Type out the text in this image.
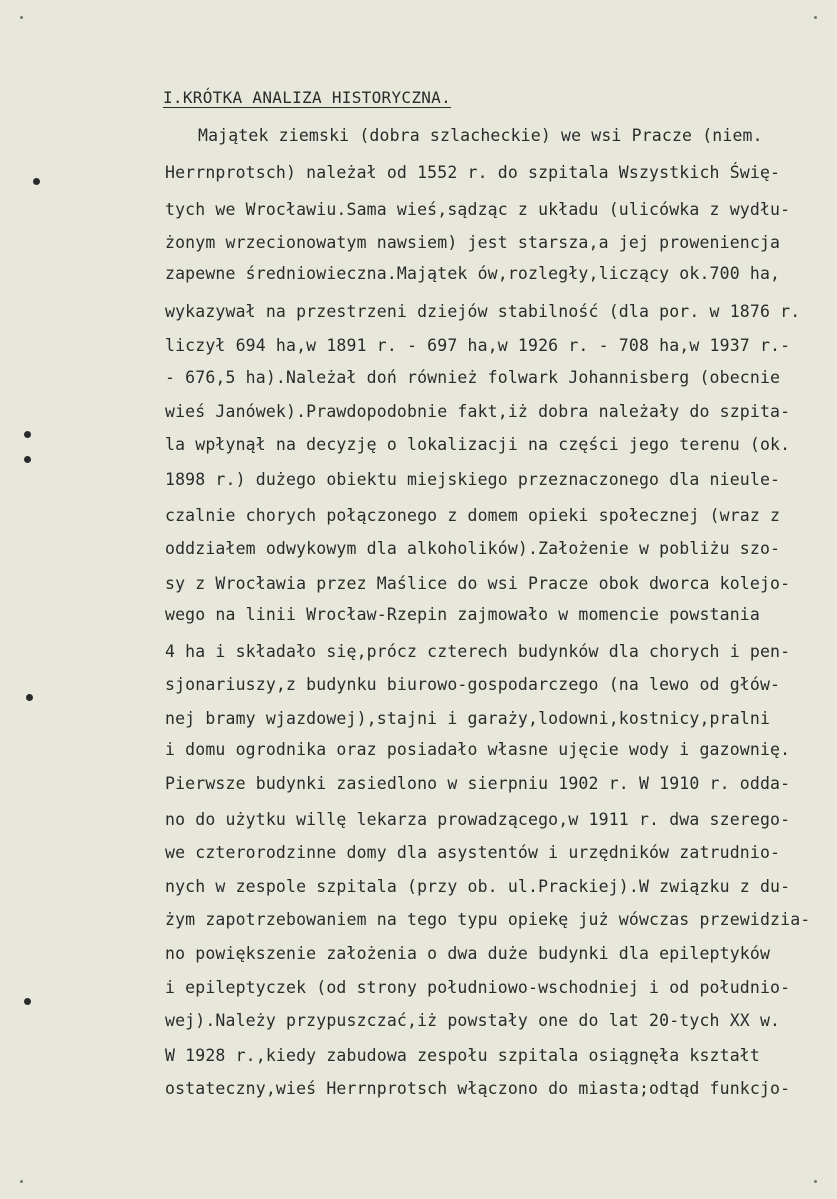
I.KRÓTKA ANALIZA HISTORYCZNA.
Majątek ziemski (dobra szlacheckie) we wsi Pracze (niem.
Herrnprotsch) należał od 1552 r. do szpitala Wszystkich Świę-
tych we Wrocławiu.Sama wieś,sądząc z układu (ulicówka z wydłu-
żonym wrzecionowatym nawsiem) jest starsza,a jej prowenіencja
zapewne średniowieczna.Majątek ów,rozległy,liczący ok.700 ha,
wykazywał na przestrzeni dziejów stabilność (dla por. w 1876 r.
liczył 694 ha,w 1891 r. - 697 ha,w 1926 r. - 708 ha,w 1937 r.-
- 676,5 ha).Należał doń również folwark Johannisberg (obecnie
wieś Janówek).Prawdopodobnie fakt,iż dobra należały do szpita-
la wpłynął na decyzję o lokalizacji na części jego terenu (ok.
1898 r.) dużego obiektu miejskiego przeznaczonego dla nieule-
czalnie chorych połączonego z domem opieki społecznej (wraz z
oddziałem odwykowym dla alkoholików).Założenie w pobliżu szo-
sy z Wrocławia przez Maślice do wsi Pracze obok dworca kolejo-
wego na linii Wrocław-Rzepin zajmowało w momencie powstania
4 ha i składało się,prócz czterech budynków dla chorych i pen-
sjonariuszy,z budynku biurowo-gospodarczego (na lewo od głów-
nej bramy wjazdowej),stajni i garaży,lodowni,kostnicy,pralni
i domu ogrodnika oraz posiadało własne ujęcie wody i gazownię.
Pierwsze budynki zasiedlono w sierpniu 1902 r. W 1910 r. odda-
no do użytku willę lekarza prowadzącego,w 1911 r. dwa szerego-
we czterorodzinne domy dla asystentów i urzędników zatrudnio-
nych w zespole szpitala (przy ob. ul.Prackiej).W związku z du-
żym zapotrzebowaniem na tego typu opiekę już wówczas przewidzia-
no powiększenie założenia o dwa duże budynki dla epileptyków
i epileptyczek (od strony południowo-wschodniej i od południo-
wej).Należy przypuszczać,iż powstały one do lat 20-tych XX w.
W 1928 r.,kiedy zabudowa zespołu szpitala osiągnęła kształt
ostateczny,wieś Herrnprotsch włączono do miasta;odtąd funkcjo-
